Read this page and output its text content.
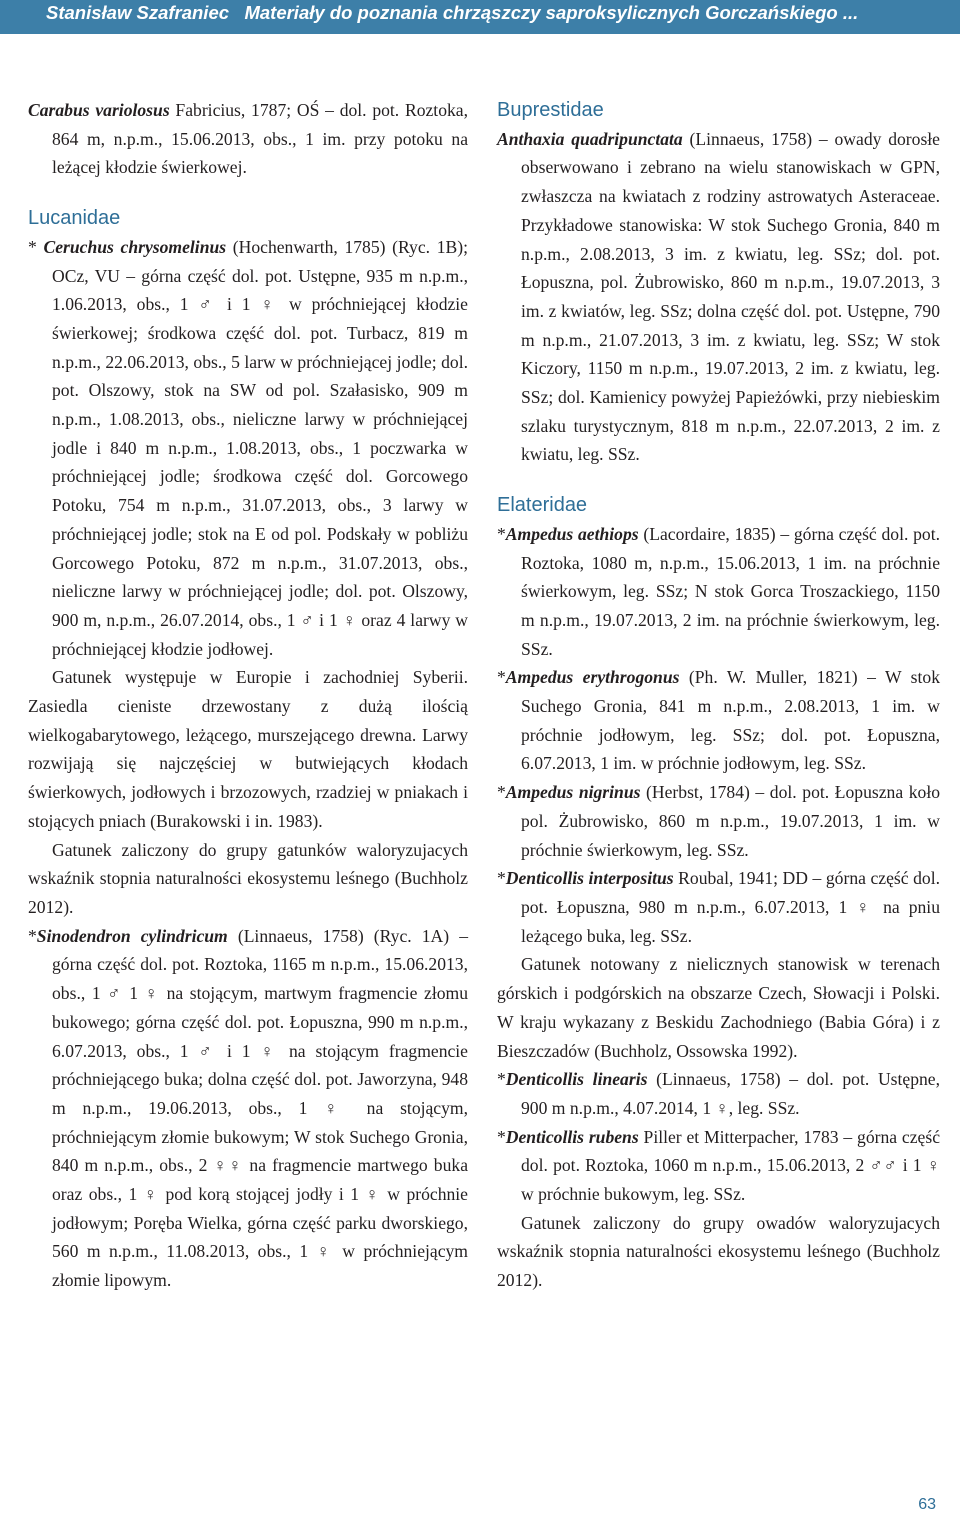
Stanisław Szafraniec Materiały do poznania chrząszczy saproksylicznych Gorczańskiego ...

Carabus variolosus Fabricius, 1787; OŚ – dol. pot. Roztoka, 864 m, n.p.m., 15.06.2013, obs., 1 im. przy potoku na leżącej kłodzie świerkowej.

Lucanidae

* Ceruchus chrysomelinus (Hochenwarth, 1785) (Ryc. 1B); OCz, VU – górna część dol. pot. Ustępne, 935 m n.p.m., 1.06.2013, obs., 1 ♂ i 1 ♀ w próchniejącej kłodzie świerkowej; środkowa część dol. pot. Turbacz, 819 m n.p.m., 22.06.2013, obs., 5 larw w próchniejącej jodle; dol. pot. Olszowy, stok na SW od pol. Szałasisko, 909 m n.p.m., 1.08.2013, obs., nieliczne larwy w próchniejącej jodle i 840 m n.p.m., 1.08.2013, obs., 1 poczwarka w próchniejącej jodle; środkowa część dol. Gorcowego Potoku, 754 m n.p.m., 31.07.2013, obs., 3 larwy w próchniejącej jodle; stok na E od pol. Podskały w pobliżu Gorcowego Potoku, 872 m n.p.m., 31.07.2013, obs., nieliczne larwy w próchniejącej jodle; dol. pot. Olszowy, 900 m, n.p.m., 26.07.2014, obs., 1 ♂ i 1 ♀ oraz 4 larwy w próchniejącej kłodzie jodłowej.

Gatunek występuje w Europie i zachodniej Syberii. Zasiedla cieniste drzewostany z dużą ilością wielkogabarytowego, leżącego, murszejącego drewna. Larwy rozwijają się najczęściej w butwiejących kłodach świerkowych, jodłowych i brzozowych, rzadziej w pniakach i stojących pniach (Burakowski i in. 1983).

Gatunek zaliczony do grupy gatunków waloryzujacych wskaźnik stopnia naturalności ekosystemu leśnego (Buchholz 2012).

*Sinodendron cylindricum (Linnaeus, 1758) (Ryc. 1A) – górna część dol. pot. Roztoka, 1165 m n.p.m., 15.06.2013, obs., 1 ♂ 1 ♀ na stojącym, martwym fragmencie złomu bukowego; górna część dol. pot. Łopuszna, 990 m n.p.m., 6.07.2013, obs., 1 ♂ i 1 ♀ na stojącym fragmencie próchniejącego buka; dolna część dol. pot. Jaworzyna, 948 m n.p.m., 19.06.2013, obs., 1 ♀ na stojącym, próchniejącym złomie bukowym; W stok Suchego Gronia, 840 m n.p.m., obs., 2 ♀♀ na fragmencie martwego buka oraz obs., 1 ♀ pod korą stojącej jodły i 1 ♀ w próchnie jodłowym; Poręba Wielka, górna część parku dworskiego, 560 m n.p.m., 11.08.2013, obs., 1 ♀ w próchniejącym złomie lipowym.

Buprestidae

Anthaxia quadripunctata (Linnaeus, 1758) – owady dorosłe obserwowano i zebrano na wielu stanowiskach w GPN, zwłaszcza na kwiatach z rodziny astrowatych Asteraceae. Przykładowe stanowiska: W stok Suchego Gronia, 840 m n.p.m., 2.08.2013, 3 im. z kwiatu, leg. SSz; dol. pot. Łopuszna, pol. Żubrowisko, 860 m n.p.m., 19.07.2013, 3 im. z kwiatów, leg. SSz; dolna część dol. pot. Ustępne, 790 m n.p.m., 21.07.2013, 3 im. z kwiatu, leg. SSz; W stok Kiczory, 1150 m n.p.m., 19.07.2013, 2 im. z kwiatu, leg. SSz; dol. Kamienicy powyżej Papieżówki, przy niebieskim szlaku turystycznym, 818 m n.p.m., 22.07.2013, 2 im. z kwiatu, leg. SSz.

Elateridae

*Ampedus aethiops (Lacordaire, 1835) – górna część dol. pot. Roztoka, 1080 m, n.p.m., 15.06.2013, 1 im. na próchnie świerkowym, leg. SSz; N stok Gorca Troszackiego, 1150 m n.p.m., 19.07.2013, 2 im. na próchnie świerkowym, leg. SSz.

*Ampedus erythrogonus (Ph. W. Muller, 1821) – W stok Suchego Gronia, 841 m n.p.m., 2.08.2013, 1 im. w próchnie jodłowym, leg. SSz; dol. pot. Łopuszna, 6.07.2013, 1 im. w próchnie jodłowym, leg. SSz.

*Ampedus nigrinus (Herbst, 1784) – dol. pot. Łopuszna koło pol. Żubrowisko, 860 m n.p.m., 19.07.2013, 1 im. w próchnie świerkowym, leg. SSz.

*Denticollis interpositus Roubal, 1941; DD – górna część dol. pot. Łopuszna, 980 m n.p.m., 6.07.2013, 1 ♀ na pniu leżącego buka, leg. SSz.

Gatunek notowany z nielicznych stanowisk w terenach górskich i podgórskich na obszarze Czech, Słowacji i Polski. W kraju wykazany z Beskidu Zachodniego (Babia Góra) i z Bieszczadów (Buchholz, Ossowska 1992).

*Denticollis linearis (Linnaeus, 1758) – dol. pot. Ustępne, 900 m n.p.m., 4.07.2014, 1 ♀, leg. SSz.

*Denticollis rubens Piller et Mitterpacher, 1783 – górna część dol. pot. Roztoka, 1060 m n.p.m., 15.06.2013, 2 ♂♂ i 1 ♀ w próchnie bukowym, leg. SSz.

Gatunek zaliczony do grupy owadów waloryzujacych wskaźnik stopnia naturalności ekosystemu leśnego (Buchholz 2012).

63
